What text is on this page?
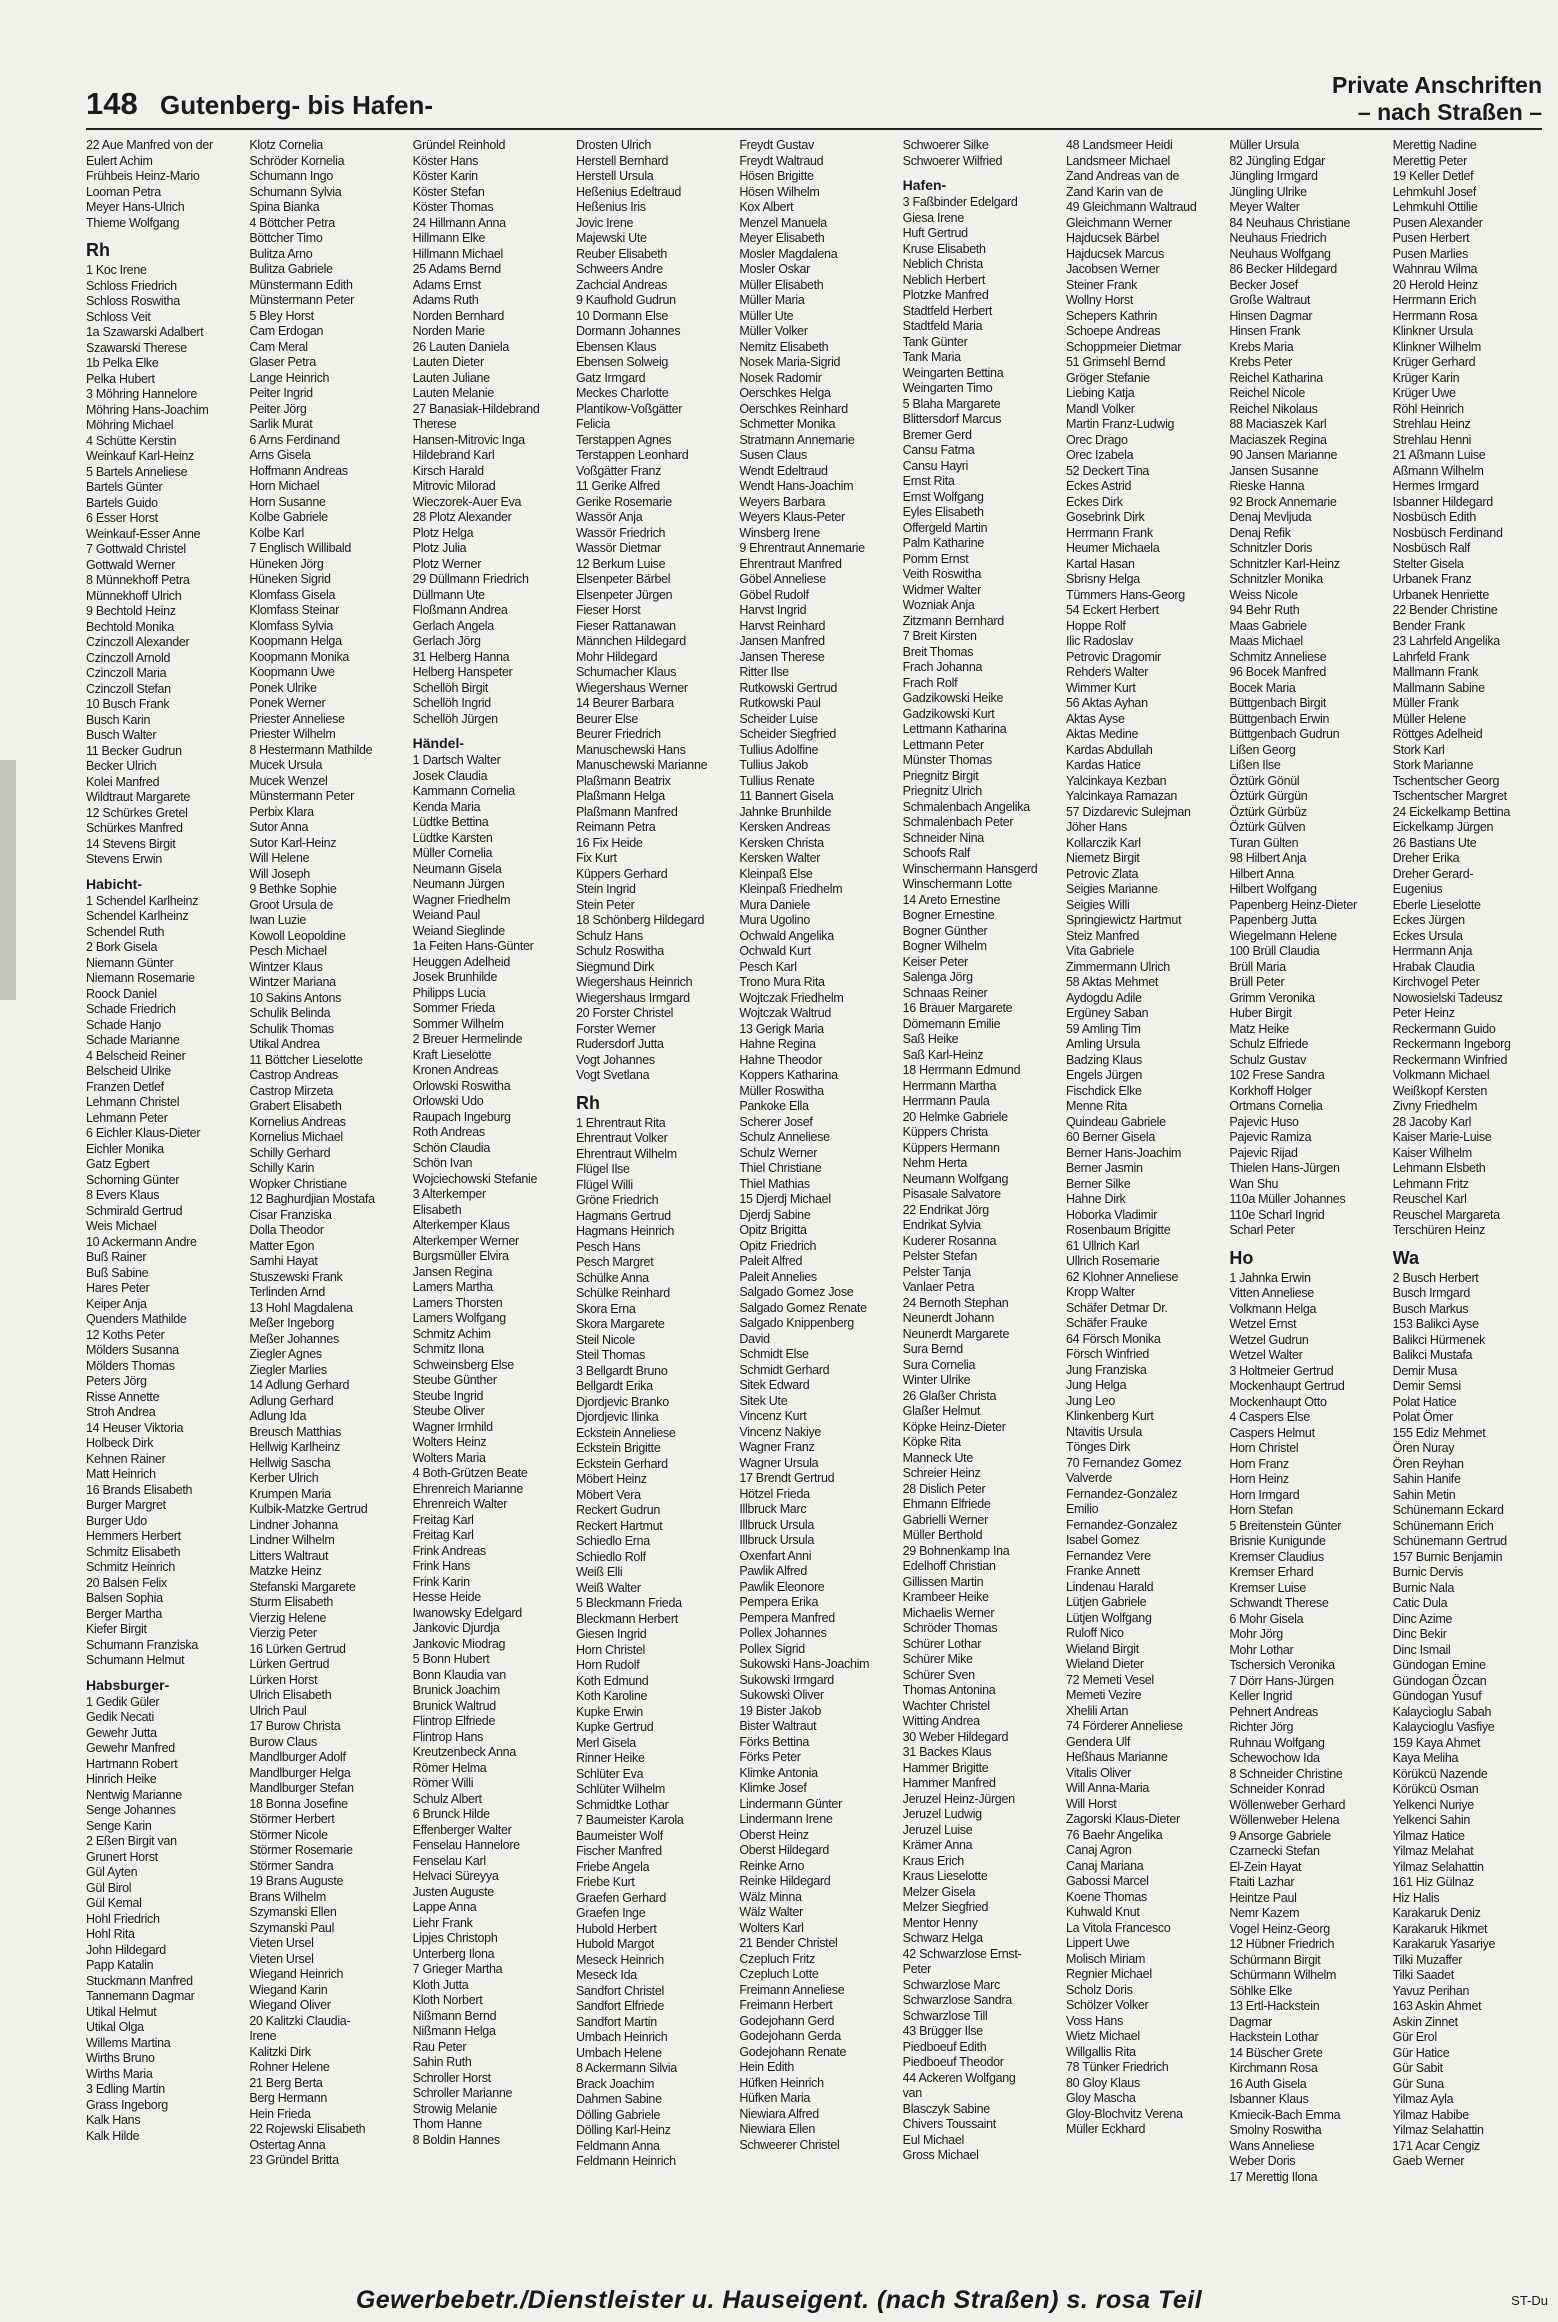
148 Gutenberg- bis Hafen-
Private Anschriften
– nach Straßen –
22 Aue Manfred von der
Eulert Achim
Frühbeis Heinz-Mario
Looman Petra
Meyer Hans-Ulrich
Thieme Wolfgang
Rh
1 Koc Irene
Schloss Friedrich
Schloss Roswitha
Schloss Veit
1a Szawarski Adalbert
Szawarski Therese
1b Pelka Elke
Pelka Hubert
3 Möhring Hannelore
Möhring Hans-Joachim
Möhring Michael
4 Schütte Kerstin
Weinkauf Karl-Heinz
5 Bartels Anneliese
Bartels Günter
Bartels Guido
6 Esser Horst
Weinkauf-Esser Anne
7 Gottwald Christel
Gottwald Werner
8 Münnekhoff Petra
Münnekhoff Ulrich
9 Bechtold Heinz
Bechtold Monika
Czinczoll Alexander
Czinczoll Arnold
Czinczoll Maria
Czinczoll Stefan
10 Busch Frank
Busch Karin
Busch Walter
11 Becker Gudrun
Becker Ulrich
Kolei Manfred
Wildtraut Margarete
12 Schürkes Gretel
Schürkes Manfred
14 Stevens Birgit
Stevens Erwin
Habicht-
1 Schendel Karlheinz
Schendel Karlheinz
Schendel Ruth
2 Bork Gisela
Niemann Günter
Niemann Rosemarie
Roock Daniel
Schade Friedrich
Schade Hanjo
Schade Marianne
4 Belscheid Reiner
Belscheid Ulrike
Franzen Detlef
Lehmann Christel
Lehmann Peter
6 Eichler Klaus-Dieter
Eichler Monika
Gatz Egbert
Schorning Günter
8 Evers Klaus
Schmirald Gertrud
Weis Michael
10 Ackermann Andre
Buß Rainer
Buß Sabine
Hares Peter
Keiper Anja
Quenders Mathilde
12 Koths Peter
Mölders Susanna
Mölders Thomas
Peters Jörg
Risse Annette
Stroh Andrea
14 Heuser Viktoria
Holbeck Dirk
Kehnen Rainer
Matt Heinrich
16 Brands Elisabeth
Burger Margret
Burger Udo
Hemmers Herbert
Schmitz Elisabeth
Schmitz Heinrich
20 Balsen Felix
Balsen Sophia
Berger Martha
Kiefer Birgit
Schumann Franziska
Schumann Helmut
Habsburger-
1 Gedik Güler
Gedik Necati
Gewehr Jutta
Gewehr Manfred
Hartmann Robert
Hinrich Heike
Nentwig Marianne
Senge Johannes
Senge Karin
2 Eßen Birgit van
Grunert Horst
Gül Ayten
Gül Birol
Gül Kemal
Hohl Friedrich
Hohl Rita
John Hildegard
Papp Katalin
Stuckmann Manfred
Tannemann Dagmar
Utikal Helmut
Utikal Olga
Willems Martina
Wirths Bruno
Wirths Maria
3 Edling Martin
Grass Ingeborg
Kalk Hans
Kalk Hilde
Klotz Cornelia
Schröder Kornelia
Schumann Ingo
Schumann Sylvia
Spina Bianka
4 Böttcher Petra
Böttcher Timo
Bulitza Arno
Bulitza Gabriele
Münstermann Edith
Münstermann Peter
5 Bley Horst
Cam Erdogan
Cam Meral
Glaser Petra
Lange Heinrich
Peiter Ingrid
Peiter Jörg
Sarlik Murat
6 Arns Ferdinand
Arns Gisela
Hoffmann Andreas
Horn Michael
Horn Susanne
Kolbe Gabriele
Kolbe Karl
7 Englisch Willibald
Hüneken Jörg
Hüneken Sigrid
Klomfass Gisela
Klomfass Steinar
Klomfass Sylvia
Koopmann Helga
Koopmann Monika
Koopmann Uwe
Ponek Ulrike
Ponek Werner
Priester Anneliese
Priester Wilhelm
8 Hestermann Mathilde
Mucek Ursula
Mucek Wenzel
Münstermann Peter
Perbix Klara
Sutor Anna
Sutor Karl-Heinz
Will Helene
Will Joseph
9 Bethke Sophie
Groot Ursula de
Iwan Luzie
Kowoll Leopoldine
Pesch Michael
Wintzer Klaus
Wintzer Mariana
10 Sakins Antons
Schulik Belinda
Schulik Thomas
Utikal Andrea
11 Böttcher Lieselotte
Castrop Andreas
Castrop Mirzeta
Grabert Elisabeth
Kornelius Andreas
Kornelius Michael
Schilly Gerhard
Schilly Karin
Wopker Christiane
12 Baghurdjian Mostafa
Cisar Franziska
Dolla Theodor
Matter Egon
Samhi Hayat
Stuszewski Frank
Terlinden Arnd
13 Hohl Magdalena
Meßer Ingeborg
Meßer Johannes
Ziegler Agnes
Ziegler Marlies
14 Adlung Gerhard
Adlung Gerhard
Adlung Ida
Breusch Matthias
Hellwig Karlheinz
Hellwig Sascha
Kerber Ulrich
Krumpen Maria
Kulbik-Matzke Gertrud
Lindner Johanna
Lindner Wilhelm
Litters Waltraut
Matzke Heinz
Stefanski Margarete
Sturm Elisabeth
Vierzig Helene
Vierzig Peter
16 Lürken Gertrud
Lürken Gertrud
Lürken Horst
Ulrich Elisabeth
Ulrich Paul
17 Burow Christa
Burow Claus
Mandlburger Adolf
Mandlburger Helga
Mandlburger Stefan
18 Bonna Josefine
Störmer Herbert
Störmer Nicole
Störmer Rosemarie
Störmer Sandra
19 Brans Auguste
Brans Wilhelm
Szymanski Ellen
Szymanski Paul
Vieten Ursel
Vieten Ursel
Wiegand Heinrich
Wiegand Karin
Wiegand Oliver
20 Kalitzki Claudia-
Irene
Kalitzki Dirk
Rohner Helene
21 Berg Berta
Berg Hermann
Hein Frieda
22 Rojewski Elisabeth
Ostertag Anna
23 Gründel Britta
Gründel Reinhold
Köster Hans
Köster Karin
Köster Stefan
Köster Thomas
24 Hillmann Anna
Hillmann Elke
Hillmann Michael
25 Adams Bernd
Adams Ernst
Adams Ruth
Norden Bernhard
Norden Marie
26 Lauten Daniela
Lauten Dieter
Lauten Juliane
Lauten Melanie
27 Banasiak-Hildebrand
Therese
Hansen-Mitrovic Inga
Hildebrand Karl
Kirsch Harald
Mitrovic Milorad
Wieczorek-Auer Eva
28 Plotz Alexander
Plotz Helga
Plotz Julia
Plotz Werner
29 Düllmann Friedrich
Düllmann Ute
Floßmann Andrea
Gerlach Angela
Gerlach Jörg
31 Helberg Hanna
Helberg Hanspeter
Schellöh Birgit
Schellöh Ingrid
Schellöh Jürgen
Händel-
1 Dartsch Walter
Josek Claudia
Kammann Cornelia
Kenda Maria
Lüdtke Bettina
Lüdtke Karsten
Müller Cornelia
Neumann Gisela
Neumann Jürgen
Wagner Friedhelm
Weiand Paul
Weiand Sieglinde
1a Feiten Hans-Günter
Heuggen Adelheid
Josek Brunhilde
Philipps Lucia
Sommer Frieda
Sommer Wilhelm
2 Breuer Hermelinde
Kraft Lieselotte
Kronen Andreas
Orlowski Roswitha
Orlowski Udo
Raupach Ingeburg
Roth Andreas
Schön Claudia
Schön Ivan
Wojciechowski Stefanie
3 Alterkemper
Elisabeth
Alterkemper Klaus
Alterkemper Werner
Burgsmüller Elvira
Jansen Regina
Lamers Martha
Lamers Thorsten
Lamers Wolfgang
Schmitz Achim
Schmitz Ilona
Schweinsberg Else
Steube Günther
Steube Ingrid
Steube Oliver
Wagner Irmhild
Wolters Heinz
Wolters Maria
4 Both-Grützen Beate
Ehrenreich Marianne
Ehrenreich Walter
Freitag Karl
Freitag Karl
Frink Andreas
Frink Hans
Frink Karin
Hesse Heide
Iwanowsky Edelgard
Jankovic Djurdja
Jankovic Miodrag
5 Bonn Hubert
Bonn Klaudia van
Brunick Joachim
Brunick Waltrud
Flintrop Elfriede
Flintrop Hans
Kreutzenbeck Anna
Römer Helma
Römer Willi
Schulz Albert
6 Brunck Hilde
Effenberger Walter
Fenselau Hannelore
Fenselau Karl
Helvaci Süreyya
Justen Auguste
Lappe Anna
Liehr Frank
Lipjes Christoph
Unterberg Ilona
7 Grieger Martha
Kloth Jutta
Kloth Norbert
Nißmann Bernd
Nißmann Helga
Rau Peter
Sahin Ruth
Schroller Horst
Schroller Marianne
Strowig Melanie
Thom Hanne
8 Boldin Hannes
Drosten Ulrich
Herstell Bernhard
Herstell Ursula
Heßenius Edeltraud
Heßenius Iris
Jovic Irene
Majewski Ute
Reuber Elisabeth
Schweers Andre
Zachcial Andreas
9 Kaufhold Gudrun
10 Dormann Else
Dormann Johannes
Ebensen Klaus
Ebensen Solweig
Gatz Irmgard
Meckes Charlotte
Plantikow-Voßgätter
Felicia
Terstappen Agnes
Terstappen Leonhard
Voßgätter Franz
11 Gerike Alfred
Gerike Rosemarie
Wassör Anja
Wassör Friedrich
Wassör Dietmar
12 Berkum Luise
Elsenpeter Bärbel
Elsenpeter Jürgen
Fieser Horst
Fieser Rattanawan
Männchen Hildegard
Mohr Hildegard
Schumacher Klaus
Wiegershaus Werner
14 Beurer Barbara
Beurer Else
Beurer Friedrich
Manuschewski Hans
Manuschewski Marianne
Plaßmann Beatrix
Plaßmann Helga
Plaßmann Manfred
Reimann Petra
16 Fix Heide
Fix Kurt
Küppers Gerhard
Stein Ingrid
Stein Peter
18 Schönberg Hildegard
Schulz Hans
Schulz Roswitha
Siegmund Dirk
Wiegershaus Heinrich
Wiegershaus Irmgard
20 Forster Christel
Forster Werner
Rudersdorf Jutta
Vogt Johannes
Vogt Svetlana
Rh
1 Ehrentraut Rita
Ehrentraut Volker
Ehrentraut Wilhelm
Flügel Ilse
Flügel Willi
Gröne Friedrich
Hagmans Gertrud
Hagmans Heinrich
Pesch Hans
Pesch Margret
Schülke Anna
Schülke Reinhard
Skora Erna
Skora Margarete
Steil Nicole
Steil Thomas
3 Bellgardt Bruno
Bellgardt Erika
Djordjevic Branko
Djordjevic Ilinka
Eckstein Anneliese
Eckstein Brigitte
Eckstein Gerhard
Möbert Heinz
Möbert Vera
Reckert Gudrun
Reckert Hartmut
Schiedlo Erna
Schiedlo Rolf
Weiß Elli
Weiß Walter
5 Bleckmann Frieda
Bleckmann Herbert
Giesen Ingrid
Horn Christel
Horn Rudolf
Koth Edmund
Koth Karoline
Kupke Erwin
Kupke Gertrud
Merl Gisela
Rinner Heike
Schlüter Eva
Schlüter Wilhelm
Schmidtke Lothar
7 Baumeister Karola
Baumeister Wolf
Fischer Manfred
Friebe Angela
Friebe Kurt
Graefen Gerhard
Graefen Inge
Hubold Herbert
Hubold Margot
Meseck Heinrich
Meseck Ida
Sandfort Christel
Sandfort Elfriede
Sandfort Martin
Umbach Heinrich
Umbach Helene
8 Ackermann Silvia
Brack Joachim
Dahmen Sabine
Dölling Gabriele
Dölling Karl-Heinz
Feldmann Anna
Feldmann Heinrich
Freydt Gustav
Freydt Waltraud
Hösen Brigitte
Hösen Wilhelm
Kox Albert
Menzel Manuela
Meyer Elisabeth
Mosler Magdalena
Mosler Oskar
Müller Elisabeth
Müller Maria
Müller Ute
Müller Volker
Nemitz Elisabeth
Nosek Maria-Sigrid
Nosek Radomir
Oerschkes Helga
Oerschkes Reinhard
Schmetter Monika
Stratmann Annemarie
Susen Claus
Wendt Edeltraud
Wendt Hans-Joachim
Weyers Barbara
Weyers Klaus-Peter
Winsberg Irene
9 Ehrentraut Annemarie
Ehrentraut Manfred
Göbel Anneliese
Göbel Rudolf
Harvst Ingrid
Harvst Reinhard
Jansen Manfred
Jansen Therese
Ritter Ilse
Rutkowski Gertrud
Rutkowski Paul
Scheider Luise
Scheider Siegfried
Tullius Adolfine
Tullius Jakob
Tullius Renate
11 Bannert Gisela
Jahnke Brunhilde
Kersken Andreas
Kersken Christa
Kersken Walter
Kleinpaß Else
Kleinpaß Friedhelm
Mura Daniele
Mura Ugolino
Ochwald Angelika
Ochwald Kurt
Pesch Karl
Trono Mura Rita
Wojtczak Friedhelm
Wojtczak Waltrud
13 Gerigk Maria
Hahne Regina
Hahne Theodor
Koppers Katharina
Müller Roswitha
Pankoke Ella
Scherer Josef
Schulz Anneliese
Schulz Werner
Thiel Christiane
Thiel Mathias
15 Djerdj Michael
Djerdj Sabine
Opitz Brigitta
Opitz Friedrich
Paleit Alfred
Paleit Annelies
Salgado Gomez Jose
Salgado Gomez Renate
Salgado Knippenberg
David
Schmidt Else
Schmidt Gerhard
Sitek Edward
Sitek Ute
Vincenz Kurt
Vincenz Nakiye
Wagner Franz
Wagner Ursula
17 Brendt Gertrud
Hötzel Frieda
Illbruck Marc
Illbruck Ursula
Illbruck Ursula
Oxenfart Anni
Pawlik Alfred
Pawlik Eleonore
Pempera Erika
Pempera Manfred
Pollex Johannes
Pollex Sigrid
Sukowski Hans-Joachim
Sukowski Irmgard
Sukowski Oliver
19 Bister Jakob
Bister Waltraut
Förks Bettina
Förks Peter
Klimke Antonia
Klimke Josef
Lindermann Günter
Lindermann Irene
Oberst Heinz
Oberst Hildegard
Reinke Arno
Reinke Hildegard
Wälz Minna
Wälz Walter
Wolters Karl
21 Bender Christel
Czepluch Fritz
Czepluch Lotte
Freimann Anneliese
Freimann Herbert
Godejohann Gerd
Godejohann Gerda
Godejohann Renate
Hein Edith
Hüfken Heinrich
Hüfken Maria
Niewiara Alfred
Niewiara Ellen
Schweerer Christel
Schwoerer Silke
Schwoerer Wilfried
Hafen-
3 Faßbinder Edelgard
Giesa Irene
Huft Gertrud
Kruse Elisabeth
Neblich Christa
Neblich Herbert
Plotzke Manfred
Stadtfeld Herbert
Stadtfeld Maria
Tank Günter
Tank Maria
Weingarten Bettina
Weingarten Timo
5 Blaha Margarete
Blittersdorf Marcus
Bremer Gerd
Cansu Fatma
Cansu Hayri
Ernst Rita
Ernst Wolfgang
Eyles Elisabeth
Offergeld Martin
Palm Katharine
Pomm Ernst
Veith Roswitha
Widmer Walter
Wozniak Anja
Zitzmann Bernhard
7 Breit Kirsten
Breit Thomas
Frach Johanna
Frach Rolf
Gadzikowski Heike
Gadzikowski Kurt
Lettmann Katharina
Lettmann Peter
Münster Thomas
Priegnitz Birgit
Priegnitz Ulrich
Schmalenbach Angelika
Schmalenbach Peter
Schneider Nina
Schoofs Ralf
Winschermann Hansgerd
Winschermann Lotte
14 Areto Ernestine
Bogner Ernestine
Bogner Günther
Bogner Wilhelm
Keiser Peter
Salenga Jörg
Schnaas Reiner
16 Brauer Margarete
Dömemann Emilie
Saß Heike
Saß Karl-Heinz
18 Herrmann Edmund
Herrmann Martha
Herrmann Paula
20 Helmke Gabriele
Küppers Christa
Küppers Hermann
Nehm Herta
Neumann Wolfgang
Pisasale Salvatore
22 Endrikat Jörg
Endrikat Sylvia
Kuderer Rosanna
Pelster Stefan
Pelster Tanja
Vanlaer Petra
24 Bernoth Stephan
Neunerdt Johann
Neunerdt Margarete
Sura Bernd
Sura Cornelia
Winter Ulrike
26 Glaßer Christa
Glaßer Helmut
Köpke Heinz-Dieter
Köpke Rita
Manneck Ute
Schreier Heinz
28 Dislich Peter
Ehmann Elfriede
Gabrielli Werner
Müller Berthold
29 Bohnenkamp Ina
Edelhoff Christian
Gillissen Martin
Krambeer Heike
Michaelis Werner
Schröder Thomas
Schürer Lothar
Schürer Mike
Schürer Sven
Thomas Antonina
Wachter Christel
Witting Andrea
30 Weber Hildegard
31 Backes Klaus
Hammer Brigitte
Hammer Manfred
Jeruzel Heinz-Jürgen
Jeruzel Ludwig
Jeruzel Luise
Krämer Anna
Kraus Erich
Kraus Lieselotte
Melzer Gisela
Melzer Siegfried
Mentor Henny
Schwarz Helga
42 Schwarzlose Ernst-
Peter
Schwarzlose Marc
Schwarzlose Sandra
Schwarzlose Till
43 Brügger Ilse
Piedboeuf Edith
Piedboeuf Theodor
44 Ackeren Wolfgang
van
Blasczyk Sabine
Chivers Toussaint
Eul Michael
Gross Michael
48 Landsmeer Heidi
Landsmeer Michael
Zand Andreas van de
Zand Karin van de
49 Gleichmann Waltraud
Gleichmann Werner
Hajducsek Bärbel
Hajducsek Marcus
Jacobsen Werner
Steiner Frank
Wollny Horst
Schepers Kathrin
Schoepe Andreas
Schoppmeier Dietmar
51 Grimsehl Bernd
Gröger Stefanie
Liebing Katja
Mandl Volker
Martin Franz-Ludwig
Orec Drago
Orec Izabela
52 Deckert Tina
Eckes Astrid
Eckes Dirk
Gosebrink Dirk
Herrmann Frank
Heumer Michaela
Kartal Hasan
Sbrisny Helga
Tümmers Hans-Georg
54 Eckert Herbert
Hoppe Rolf
Ilic Radoslav
Petrovic Dragomir
Rehders Walter
Wimmer Kurt
56 Aktas Ayhan
Aktas Ayse
Aktas Medine
Kardas Abdullah
Kardas Hatice
Yalcinkaya Kezban
Yalcinkaya Ramazan
57 Dizdarevic Sulejman
Jöher Hans
Kollarczik Karl
Niemetz Birgit
Petrovic Zlata
Seigies Marianne
Seigies Willi
Springiewictz Hartmut
Steiz Manfred
Vita Gabriele
Zimmermann Ulrich
58 Aktas Mehmet
Aydogdu Adile
Ergüney Saban
59 Amling Tim
Amling Ursula
Badzing Klaus
Engels Jürgen
Fischdick Elke
Menne Rita
Quindeau Gabriele
60 Berner Gisela
Berner Hans-Joachim
Berner Jasmin
Berner Silke
Hahne Dirk
Hoborka Vladimir
Rosenbaum Brigitte
61 Ullrich Karl
Ullrich Rosemarie
62 Klohner Anneliese
Kropp Walter
Schäfer Detmar Dr.
Schäfer Frauke
64 Försch Monika
Försch Winfried
Jung Franziska
Jung Helga
Jung Leo
Klinkenberg Kurt
Ntavitis Ursula
Tönges Dirk
70 Fernandez Gomez
Valverde
Fernandez-Gonzalez
Emilio
Fernandez-Gonzalez
Isabel Gomez
Fernandez Vere
Franke Annett
Lindenau Harald
Lütjen Gabriele
Lütjen Wolfgang
Ruloff Nico
Wieland Birgit
Wieland Dieter
72 Memeti Vesel
Memeti Vezire
Xhelili Artan
74 Förderer Anneliese
Gendera Ulf
Heßhaus Marianne
Vitalis Oliver
Will Anna-Maria
Will Horst
Zagorski Klaus-Dieter
76 Baehr Angelika
Canaj Agron
Canaj Mariana
Gabossi Marcel
Koene Thomas
Kuhwald Knut
La Vitola Francesco
Lippert Uwe
Molisch Miriam
Regnier Michael
Scholz Doris
Schölzer Volker
Voss Hans
Wietz Michael
Willgallis Rita
78 Tünker Friedrich
80 Gloy Klaus
Gloy Mascha
Gloy-Blochvitz Verena
Müller Eckhard
Müller Ursula
82 Jüngling Edgar
Jüngling Irmgard
Jüngling Ulrike
Meyer Walter
84 Neuhaus Christiane
Neuhaus Friedrich
Neuhaus Wolfgang
86 Becker Hildegard
Becker Josef
Große Waltraut
Hinsen Dagmar
Hinsen Frank
Krebs Maria
Krebs Peter
Reichel Katharina
Reichel Nicole
Reichel Nikolaus
88 Maciaszek Karl
Maciaszek Regina
90 Jansen Marianne
Jansen Susanne
Rieske Hanna
92 Brock Annemarie
Denaj Mevljuda
Denaj Refik
Schnitzler Doris
Schnitzler Karl-Heinz
Schnitzler Monika
Weiss Nicole
94 Behr Ruth
Maas Gabriele
Maas Michael
Schmitz Anneliese
96 Bocek Manfred
Bocek Maria
Büttgenbach Birgit
Büttgenbach Erwin
Büttgenbach Gudrun
Lißen Georg
Lißen Ilse
Öztürk Gönül
Öztürk Gürgün
Öztürk Gürbüz
Öztürk Gülven
Turan Gülten
98 Hilbert Anja
Hilbert Anna
Hilbert Wolfgang
Papenberg Heinz-Dieter
Papenberg Jutta
Wiegelmann Helene
100 Brüll Claudia
Brüll Maria
Brüll Peter
Grimm Veronika
Huber Birgit
Matz Heike
Schulz Elfriede
Schulz Gustav
102 Frese Sandra
Korkhoff Holger
Ortmans Cornelia
Pajevic Huso
Pajevic Ramiza
Pajevic Rijad
Thielen Hans-Jürgen
Wan Shu
110a Müller Johannes
110e Scharl Ingrid
Scharl Peter
Ho
1 Jahnka Erwin
Vitten Anneliese
Volkmann Helga
Wetzel Ernst
Wetzel Gudrun
Wetzel Walter
3 Holtmeier Gertrud
Mockenhaupt Gertrud
Mockenhaupt Otto
4 Caspers Else
Caspers Helmut
Horn Christel
Horn Franz
Horn Heinz
Horn Irmgard
Horn Stefan
5 Breitenstein Günter
Brisnie Kunigunde
Kremser Claudius
Kremser Erhard
Kremser Luise
Schwandt Therese
6 Mohr Gisela
Mohr Jörg
Mohr Lothar
Tschersich Veronika
7 Dörr Hans-Jürgen
Keller Ingrid
Pehnert Andreas
Richter Jörg
Ruhnau Wolfgang
Schewochow Ida
8 Schneider Christine
Schneider Konrad
Wöllenweber Gerhard
Wöllenweber Helena
9 Ansorge Gabriele
Czarnecki Stefan
El-Zein Hayat
Ftaiti Lazhar
Heintze Paul
Nemr Kazem
Vogel Heinz-Georg
12 Hübner Friedrich
Schürmann Birgit
Schürmann Wilhelm
Söhlke Elke
13 Ertl-Hackstein
Dagmar
Hackstein Lothar
14 Büscher Grete
Kirchmann Rosa
16 Auth Gisela
Isbanner Klaus
Kmiecik-Bach Emma
Smolny Roswitha
Wans Anneliese
Weber Doris
17 Merettig Ilona
Merettig Nadine
Merettig Peter
19 Keller Detlef
Lehmkuhl Josef
Lehmkuhl Ottilie
Pusen Alexander
Pusen Herbert
Pusen Marlies
Wahnrau Wilma
20 Herold Heinz
Herrmann Erich
Herrmann Rosa
Klinkner Ursula
Klinkner Wilhelm
Krüger Gerhard
Krüger Karin
Krüger Uwe
Röhl Heinrich
Strehlau Heinz
Strehlau Henni
21 Aßmann Luise
Aßmann Wilhelm
Hermes Irmgard
Isbanner Hildegard
Nosbüsch Edith
Nosbüsch Ferdinand
Nosbüsch Ralf
Stelter Gisela
Urbanek Franz
Urbanek Henriette
22 Bender Christine
Bender Frank
23 Lahrfeld Angelika
Lahrfeld Frank
Mallmann Frank
Mallmann Sabine
Müller Frank
Müller Helene
Röttges Adelheid
Stork Karl
Stork Marianne
Tschentscher Georg
Tschentscher Margret
24 Eickelkamp Bettina
Eickelkamp Jürgen
26 Bastians Ute
Dreher Erika
Dreher Gerard-
Eugenius
Eberle Lieselotte
Eckes Jürgen
Eckes Ursula
Herrmann Anja
Hrabak Claudia
Kirchvogel Peter
Nowosielski Tadeusz
Peter Heinz
Reckermann Guido
Reckermann Ingeborg
Reckermann Winfried
Volkmann Michael
Weißkopf Kersten
Zivny Friedhelm
28 Jacoby Karl
Kaiser Marie-Luise
Kaiser Wilhelm
Lehmann Elsbeth
Lehmann Fritz
Reuschel Karl
Reuschel Margareta
Terschüren Heinz
Wa
2 Busch Herbert
Busch Irmgard
Busch Markus
153 Balikci Ayse
Balikci Hürmenek
Balikci Mustafa
Demir Musa
Demir Semsi
Polat Hatice
Polat Ömer
155 Ediz Mehmet
Ören Nuray
Ören Reyhan
Sahin Hanife
Sahin Metin
Schünemann Eckard
Schünemann Erich
Schünemann Gertrud
157 Burnic Benjamin
Burnic Dervis
Burnic Nala
Catic Dula
Dinc Azime
Dinc Bekir
Dinc Ismail
Gündogan Emine
Gündogan Özcan
Gündogan Yusuf
Kalaycioglu Sabah
Kalaycioglu Vasfiye
159 Kaya Ahmet
Kaya Meliha
Körükcü Nazende
Körükcü Osman
Yelkenci Nuriye
Yelkenci Sahin
Yilmaz Hatice
Yilmaz Melahat
Yilmaz Selahattin
161 Hiz Gülnaz
Hiz Halis
Karakaruk Deniz
Karakaruk Hikmet
Karakaruk Yasariye
Tilki Muzaffer
Tilki Saadet
Yavuz Perihan
163 Askin Ahmet
Askin Zinnet
Gür Erol
Gür Hatice
Gür Sabit
Gür Suna
Yilmaz Ayla
Yilmaz Habibe
Yilmaz Selahattin
171 Acar Cengiz
Gaeb Werner
Gewerbebetr./Dienstleister u. Hauseigent. (nach Straßen) s. rosa Teil	ST-Du
